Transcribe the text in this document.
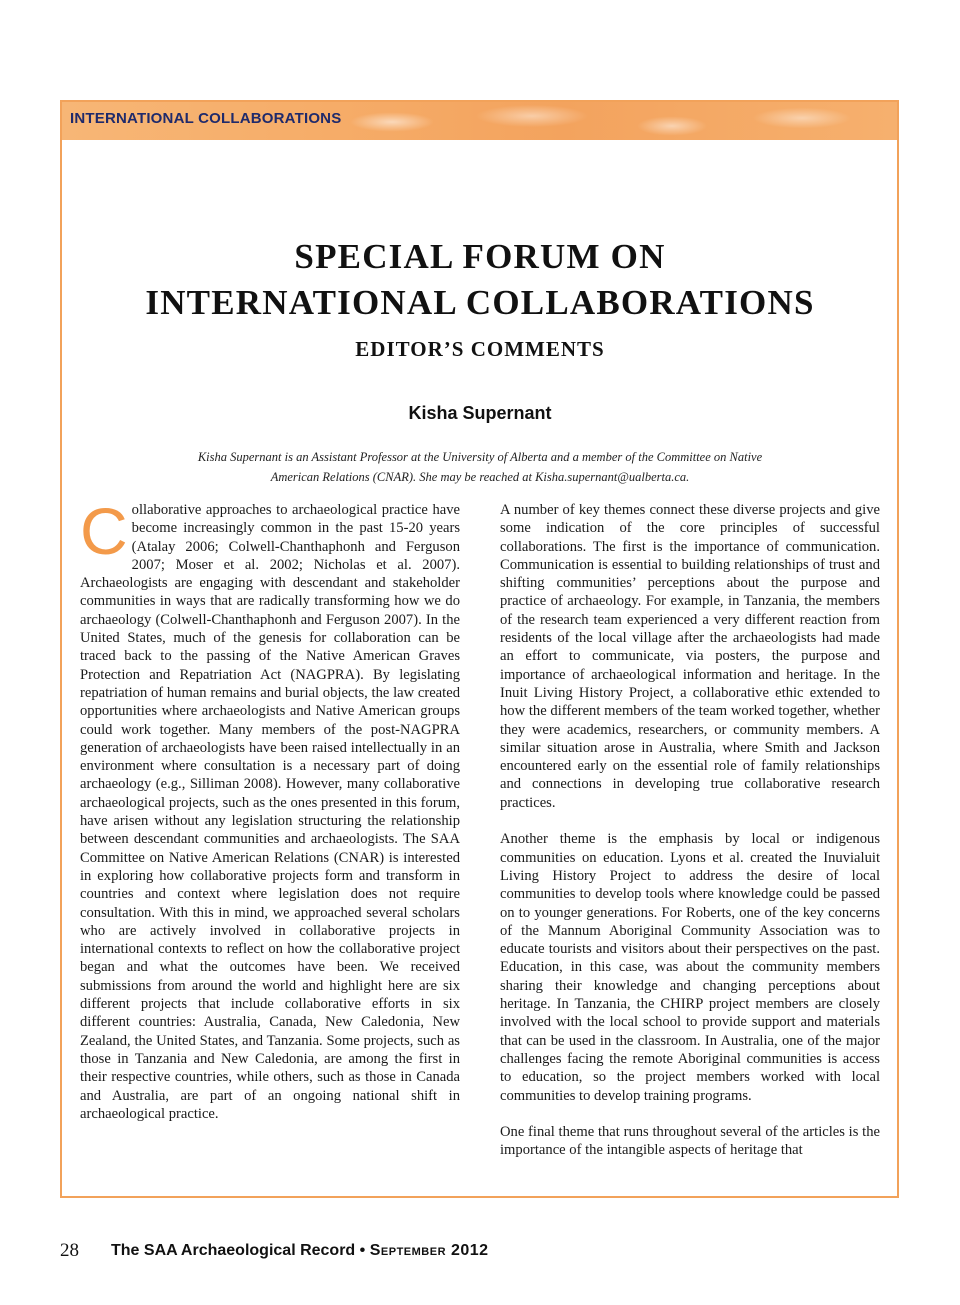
INTERNATIONAL COLLABORATIONS
SPECIAL FORUM ON
INTERNATIONAL COLLABORATIONS
EDITOR’S COMMENTS
Kisha Supernant

Kisha Supernant is an Assistant Professor at the University of Alberta and a member of the Committee on Native American Relations (CNAR). She may be reached at Kisha.supernant@ualberta.ca.

Collaborative approaches to archaeological practice have become increasingly common in the past 15-20 years (Atalay 2006; Colwell-Chanthaphonh and Ferguson 2007; Moser et al. 2002; Nicholas et al. 2007). Archaeologists are engaging with descendant and stakeholder communities in ways that are radically transforming how we do archaeology (Colwell-Chanthaphonh and Ferguson 2007). In the United States, much of the genesis for collaboration can be traced back to the passing of the Native American Graves Protection and Repatriation Act (NAGPRA). By legislating repatriation of human remains and burial objects, the law created opportunities where archaeologists and Native American groups could work together. Many members of the post-NAGPRA generation of archaeologists have been raised intellectually in an environment where consultation is a necessary part of doing archaeology (e.g., Silliman 2008). However, many collaborative archaeological projects, such as the ones presented in this forum, have arisen without any legislation structuring the relationship between descendant communities and archaeologists. The SAA Committee on Native American Relations (CNAR) is interested in exploring how collaborative projects form and transform in countries and context where legislation does not require consultation. With this in mind, we approached several scholars who are actively involved in collaborative projects in international contexts to reflect on how the collaborative project began and what the outcomes have been. We received submissions from around the world and highlight here are six different projects that include collaborative efforts in six different countries: Australia, Canada, New Caledonia, New Zealand, the United States, and Tanzania. Some projects, such as those in Tanzania and New Caledonia, are among the first in their respective countries, while others, such as those in Canada and Australia, are part of an ongoing national shift in archaeological practice.

A number of key themes connect these diverse projects and give some indication of the core principles of successful collaborations. The first is the importance of communication. Communication is essential to building relationships of trust and shifting communities’ perceptions about the purpose and practice of archaeology. For example, in Tanzania, the members of the research team experienced a very different reaction from residents of the local village after the archaeologists had made an effort to communicate, via posters, the purpose and importance of archaeological information and heritage. In the Inuit Living History Project, a collaborative ethic extended to how the different members of the team worked together, whether they were academics, researchers, or community members. A similar situation arose in Australia, where Smith and Jackson encountered early on the essential role of family relationships and connections in developing true collaborative research practices.

Another theme is the emphasis by local or indigenous communities on education. Lyons et al. created the Inuvialuit Living History Project to address the desire of local communities to develop tools where knowledge could be passed on to younger generations. For Roberts, one of the key concerns of the Mannum Aboriginal Community Association was to educate tourists and visitors about their perspectives on the past. Education, in this case, was about the community members sharing their knowledge and changing perceptions about heritage. In Tanzania, the CHIRP project members are closely involved with the local school to provide support and materials that can be used in the classroom. In Australia, one of the major challenges facing the remote Aboriginal communities is access to education, so the project members worked with local communities to develop training programs.

One final theme that runs throughout several of the articles is the importance of the intangible aspects of heritage that

28 The SAA Archaeological Record • September 2012
